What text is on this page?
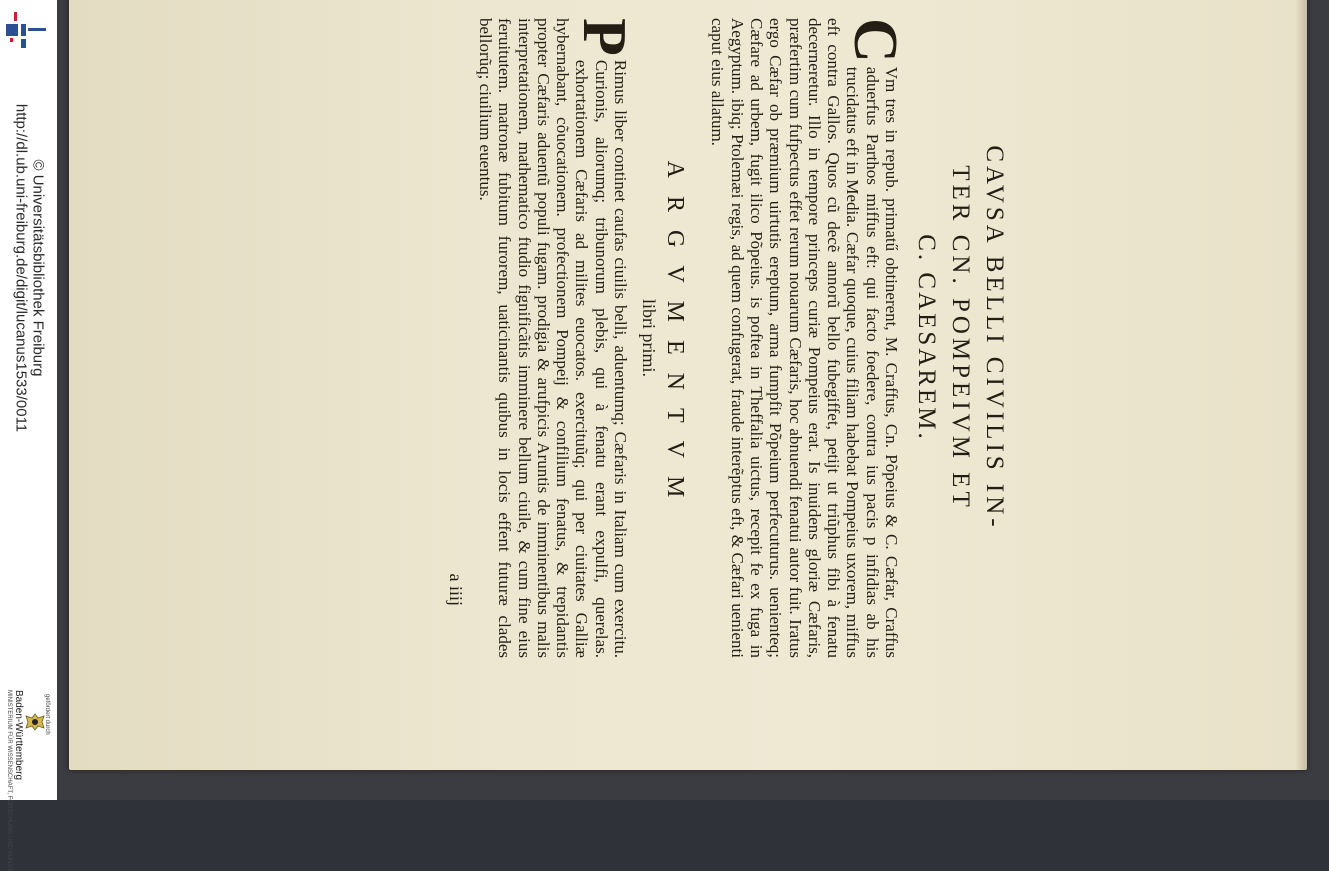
http://dl.ub.uni-freiburg.de/digit/lucanus1533/0011 © Universitätsbibliothek Freiburg
gefördert durch
Baden-Württemberg
MINISTERIUM FÜR WISSENSCHAFT, FORSCHUNG UND KUNST

CAVSA BELLI CIVILIS IN-

TER CN. POMPEIVM ET

C. CAESAREM.

C
Vm tres in repub. primatű obtinerent, M. Craffus, Cn. Põpeius & C. Cæfar, Craffus aduerfus Parthos miffus eft: qui facto foedere, contra ius pacis p infidias ab his trucidatus eft in Media. Cæfar quoque, cuius filiam habebat Pompeius uxorem, miffus eft contra Gallos. Quos cũ decẽ annorũ bello fubegiffet, petijt ut triũphus fibi à fenatu decerneretur. Illo in tempore princeps curiæ Pompeius erat. Is inuidens gloriæ Cæfaris, præfertim cum fufpectus effet rerum nouarum Cæfaris, hoc abnuendi fenatui autor fuit. Iratus ergo Cæfar ob præmium uirtutis ereptum, arma fumpfit Põpeium perfecuturus. uenienteq; Cæfare ad urbem, fugit ilico Põpeius. is poftea in Theffalia uictus, recepit fe ex fuga in Aegyptum. ibiq; Ptolemæi regis, ad quem confugerat, fraude interẽptus eft, & Cæfari uenienti caput eius allatum.

ARGVMENTVM

libri primi.

P
Rimus liber continet caufas ciuilis belli, aduentumq; Cæfaris in Italiam cum exercitu. Curionis, aliorumq; tribunorum plebis, qui à fenatu erant expulfi, querelas. exhortationem Cæfaris ad milites euocatos. exercituũq; qui per ciuitates Galliæ hybernabant, cõuocationem. profectionem Pompeij & confilium fenatus, & trepidantis propter Cæfaris aduentũ populi fugam. prodigia & arufpicis Aruntis de imminentibus malis interpretationem, mathematico ftudio fignificãtis imminere bellum ciuile, & cum fine eius feruitutem. matronæ fubitum furorem, uaticinantis quibus in locis effent futuræ clades bellorũq; ciuilium euentus.

a iiij
